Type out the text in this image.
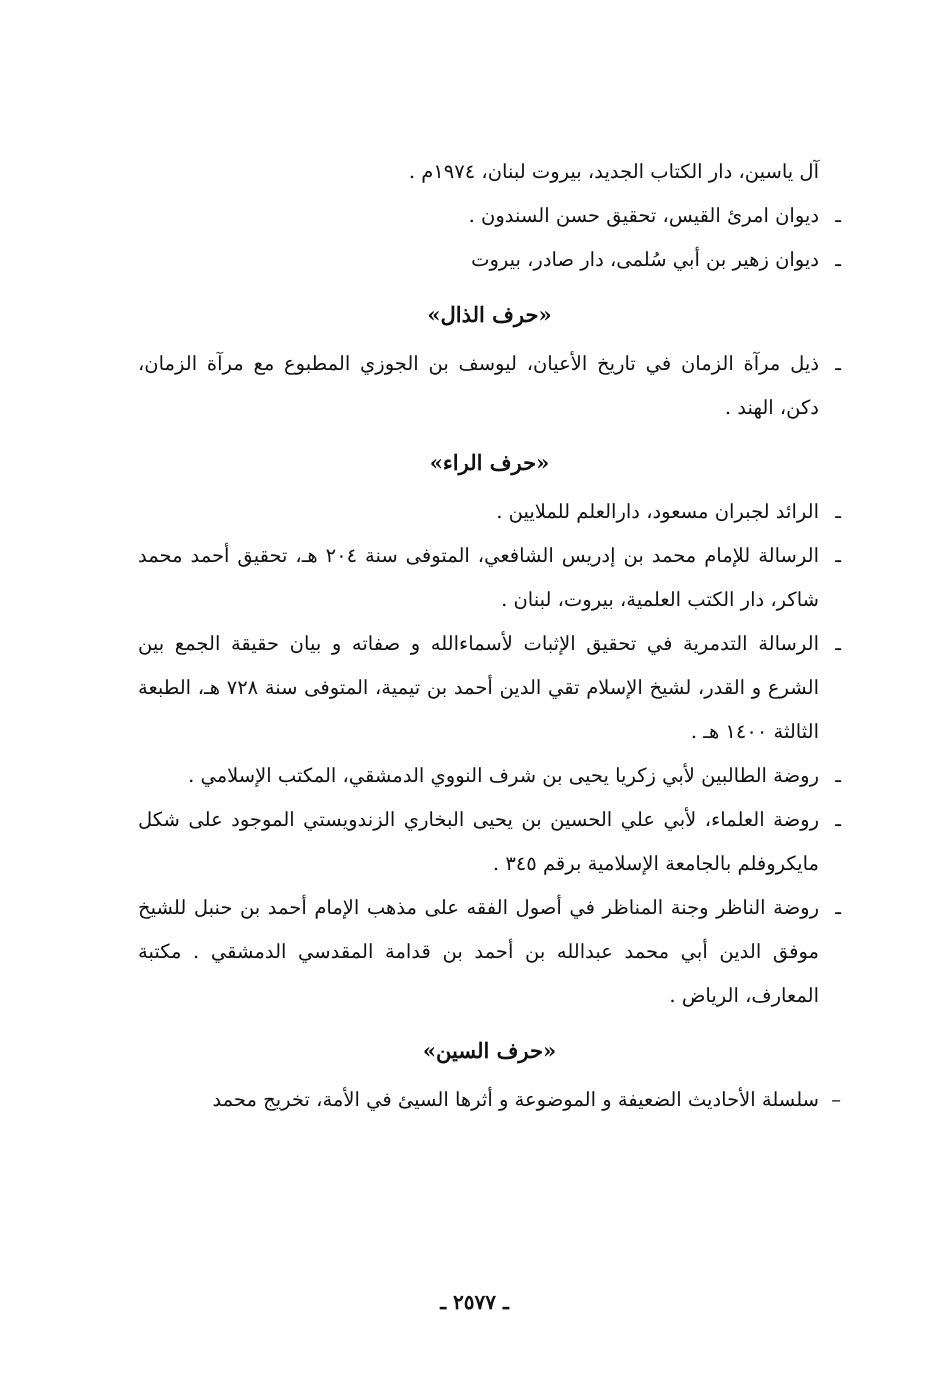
آل ياسين، دار الكتاب الجديد، بيروت لبنان، ١٩٧٤م .
ـ
ديوان امرئ القيس، تحقيق حسن السندون .
ـ
ديوان زهير بن أبي سُلمى، دار صادر، بيروت
«حرف الذال»
ـ
ذيل مرآة الزمان في تاريخ الأعيان، ليوسف بن الجوزي المطبوع مع مرآة الزمان، دكن، الهند .
«حرف الراء»
ـ
الرائد لجبران مسعود، دارالعلم للملايين .
ـ
الرسالة للإمام محمد بن إدريس الشافعي، المتوفى سنة ٢٠٤ هـ، تحقيق أحمد محمد شاكر، دار الكتب العلمية، بيروت، لبنان .
ـ
الرسالة التدمرية في تحقيق الإثبات لأسماءالله و صفاته و بيان حقيقة الجمع بين الشرع و القدر، لشيخ الإسلام تقي الدين أحمد بن تيمية، المتوفى سنة ٧٢٨ هـ، الطبعة الثالثة ١٤٠٠ هـ .
ـ
روضة الطالبين لأبي زكريا يحيى بن شرف النووي الدمشقي، المكتب الإسلامي .
ـ
روضة العلماء، لأبي علي الحسين بن يحيى البخاري الزندويستي الموجود على شكل مايكروفلم بالجامعة الإسلامية برقم ٣٤٥ .
ـ
روضة الناظر وجنة المناظر في أصول الفقه على مذهب الإمام أحمد بن حنبل للشيخ موفق الدين أبي محمد عبدالله بن أحمد بن قدامة المقدسي الدمشقي . مكتبة المعارف، الرياض .
«حرف السين»
–
سلسلة الأحاديث الضعيفة و الموضوعة و أثرها السيئ في الأمة، تخريج محمد
ـ ٢٥٧٧ ـ
